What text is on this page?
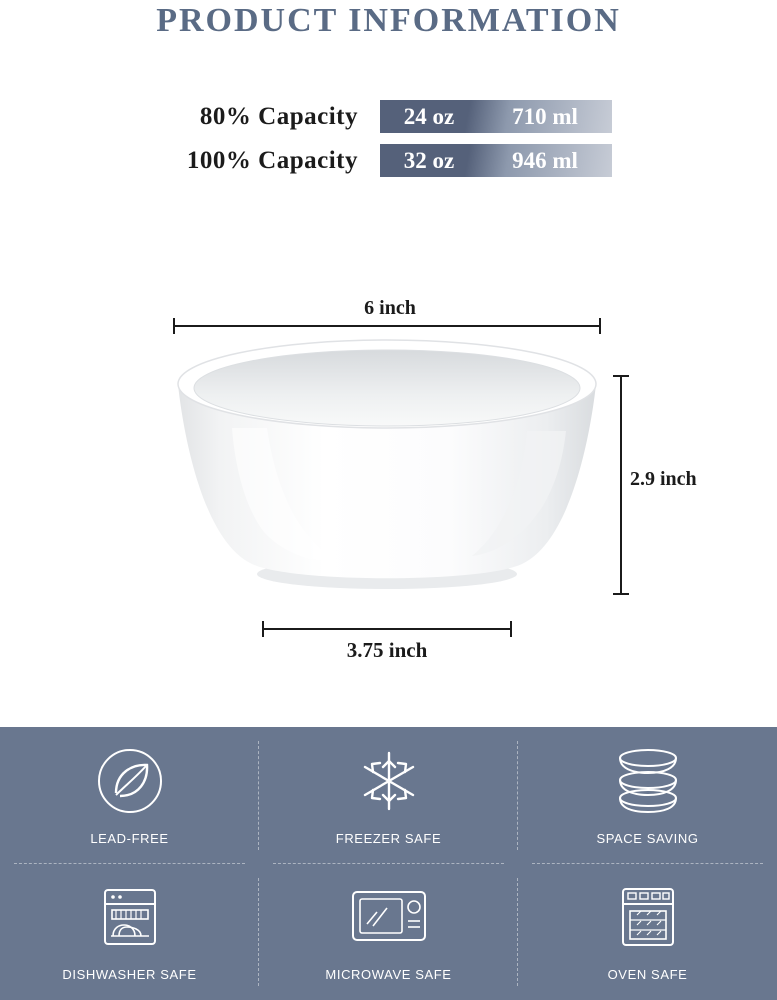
PRODUCT INFORMATION
80% Capacity	24 oz	710 ml
100% Capacity	32 oz	946 ml
6 inch
2.9 inch
3.75 inch
LEAD-FREE	FREEZER SAFE	SPACE SAVING
DISHWASHER SAFE	MICROWAVE SAFE	OVEN SAFE
